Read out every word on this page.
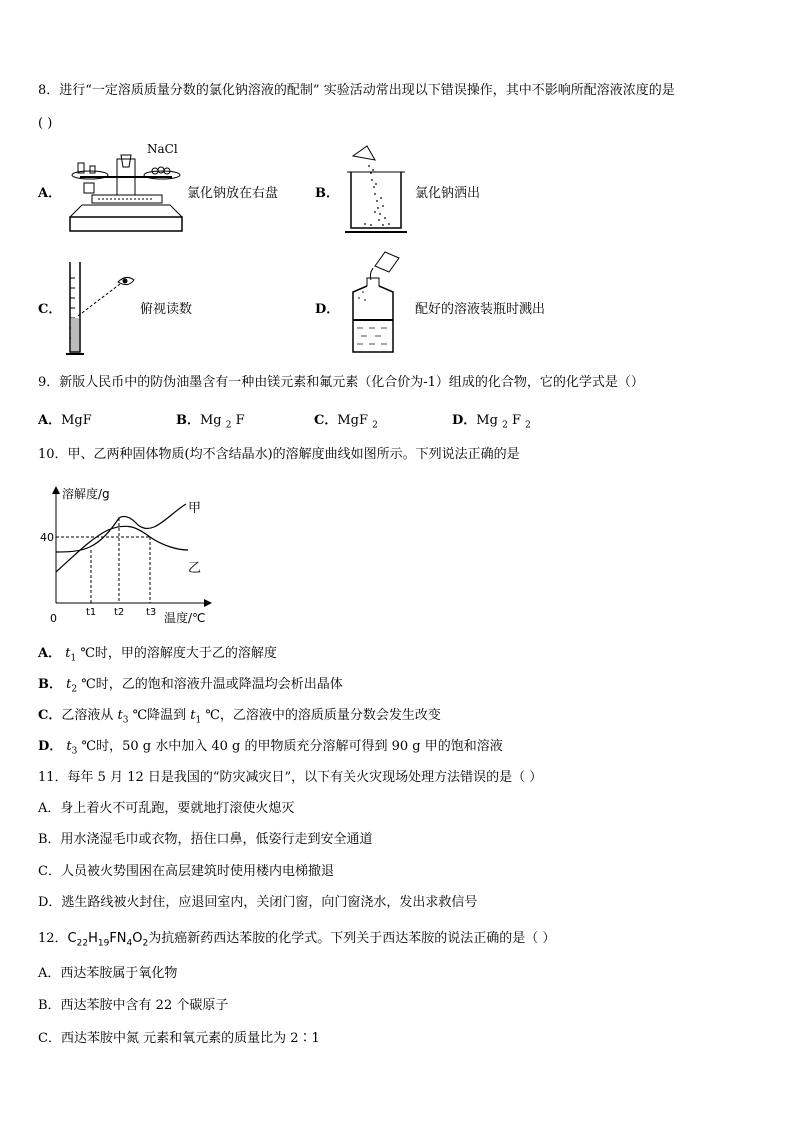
8．进行“一定溶质质量分数的氯化钠溶液的配制” 实验活动常出现以下错误操作，其中不影响所配溶液浓度的是
( )
A．
NaCl
氯化钠放在右盘	B．	氯化钠洒出
C．	俯视读数	D．	配好的溶液装瓶时溅出
9．新版人民币中的防伪油墨含有一种由镁元素和氟元素（化合价为-1）组成的化合物，它的化学式是（）
A．MgF	B．Mg $_2$ F	C．MgF $_2$	D．Mg $_2$ F $_2$
10．甲、乙两种固体物质(均不含结晶水)的溶解度曲线如图所示。下列说法正确的是
溶解度/g
温度/℃
0
40
t1 t2 t3
甲
乙
A． $t_1$ ℃时，甲的溶解度大于乙的溶解度
B． $t_2$ ℃时，乙的饱和溶液升温或降温均会析出晶体
C．乙溶液从 $t_3$ ℃降温到 $t_1$ ℃，乙溶液中的溶质质量分数会发生改变
D． $t_3$ ℃时，50 g 水中加入 40 g 的甲物质充分溶解可得到 90 g 甲的饱和溶液
11．每年 5 月 12 日是我国的“防灾减灾日”，以下有关火灾现场处理方法错误的是（ ）
A．身上着火不可乱跑，要就地打滚使火熄灭
B．用水浇湿毛巾或衣物，捂住口鼻，低姿行走到安全通道
C．人员被火势围困在高层建筑时使用楼内电梯撤退
D．逃生路线被火封住，应退回室内，关闭门窗，向门窗浇水，发出求救信号
12．$C_{22}H_{19}FN_4O_2$为抗癌新药西达苯胺的化学式。下列关于西达苯胺的说法正确的是（ ）
A．西达苯胺属于氧化物
B．西达苯胺中含有 22 个碳原子
C．西达苯胺中氮 元素和氧元素的质量比为 2∶1
